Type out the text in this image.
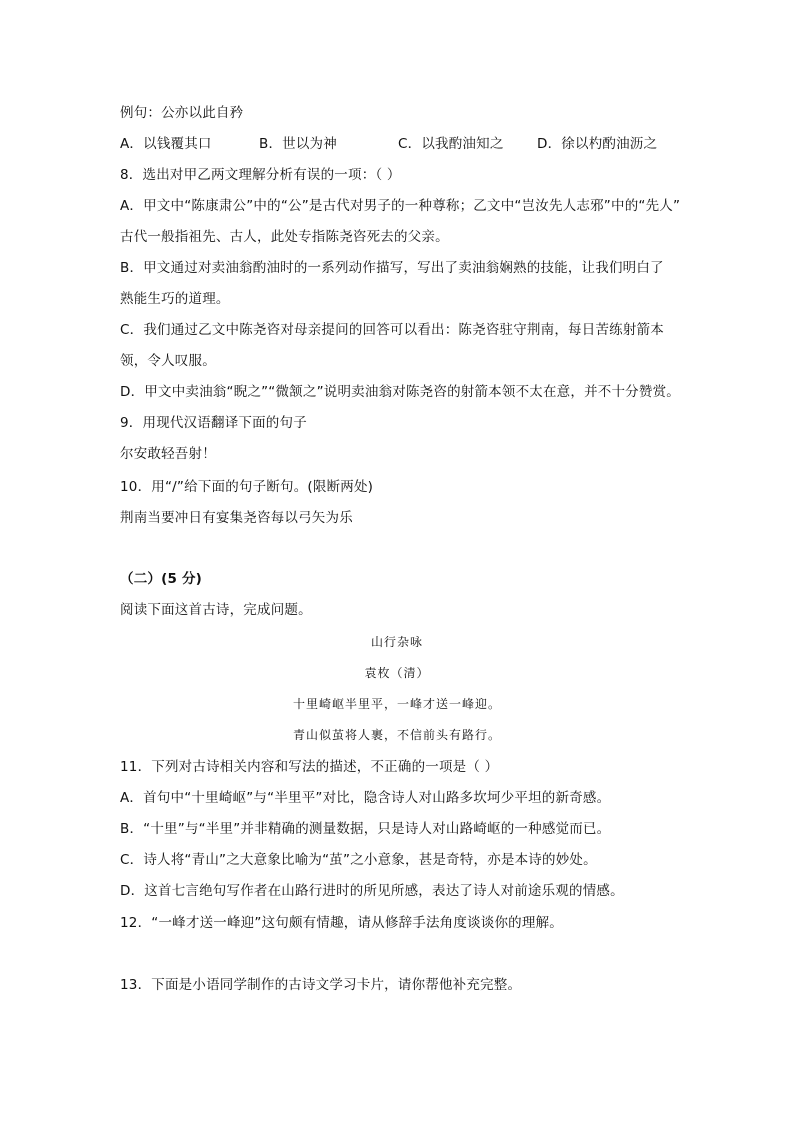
例句：公亦以此自矜
A．以钱覆其口	B．世以为神	C．以我酌油知之	D．徐以杓酌油沥之
8．选出对甲乙两文理解分析有误的一项：（ ）
A．甲文中“陈康肃公”中的“公”是古代对男子的一种尊称；乙文中“岂汝先人志邪”中的“先人”
古代一般指祖先、古人，此处专指陈尧咨死去的父亲。
B．甲文通过对卖油翁酌油时的一系列动作描写，写出了卖油翁娴熟的技能，让我们明白了
熟能生巧的道理。
C．我们通过乙文中陈尧咨对母亲提问的回答可以看出：陈尧咨驻守荆南，每日苦练射箭本
领，令人叹服。
D．甲文中卖油翁“睨之”“微颔之”说明卖油翁对陈尧咨的射箭本领不太在意，并不十分赞赏。
9．用现代汉语翻译下面的句子
尔安敢轻吾射！
10．用“/”给下面的句子断句。(限断两处)
荆南当要冲日有宴集尧咨每以弓矢为乐
（二）(5 分)
阅读下面这首古诗，完成问题。
山行杂咏
袁枚（清）
十里崎岖半里平，一峰才送一峰迎。
青山似茧将人裹，不信前头有路行。
11．下列对古诗相关内容和写法的描述，不正确的一项是（ ）
A．首句中“十里崎岖”与“半里平”对比，隐含诗人对山路多坎坷少平坦的新奇感。
B．“十里”与“半里”并非精确的测量数据，只是诗人对山路崎岖的一种感觉而已。
C．诗人将“青山”之大意象比喻为“茧”之小意象，甚是奇特，亦是本诗的妙处。
D．这首七言绝句写作者在山路行进时的所见所感，表达了诗人对前途乐观的情感。
12．“一峰才送一峰迎”这句颇有情趣，请从修辞手法角度谈谈你的理解。
13．下面是小语同学制作的古诗文学习卡片，请你帮他补充完整。
